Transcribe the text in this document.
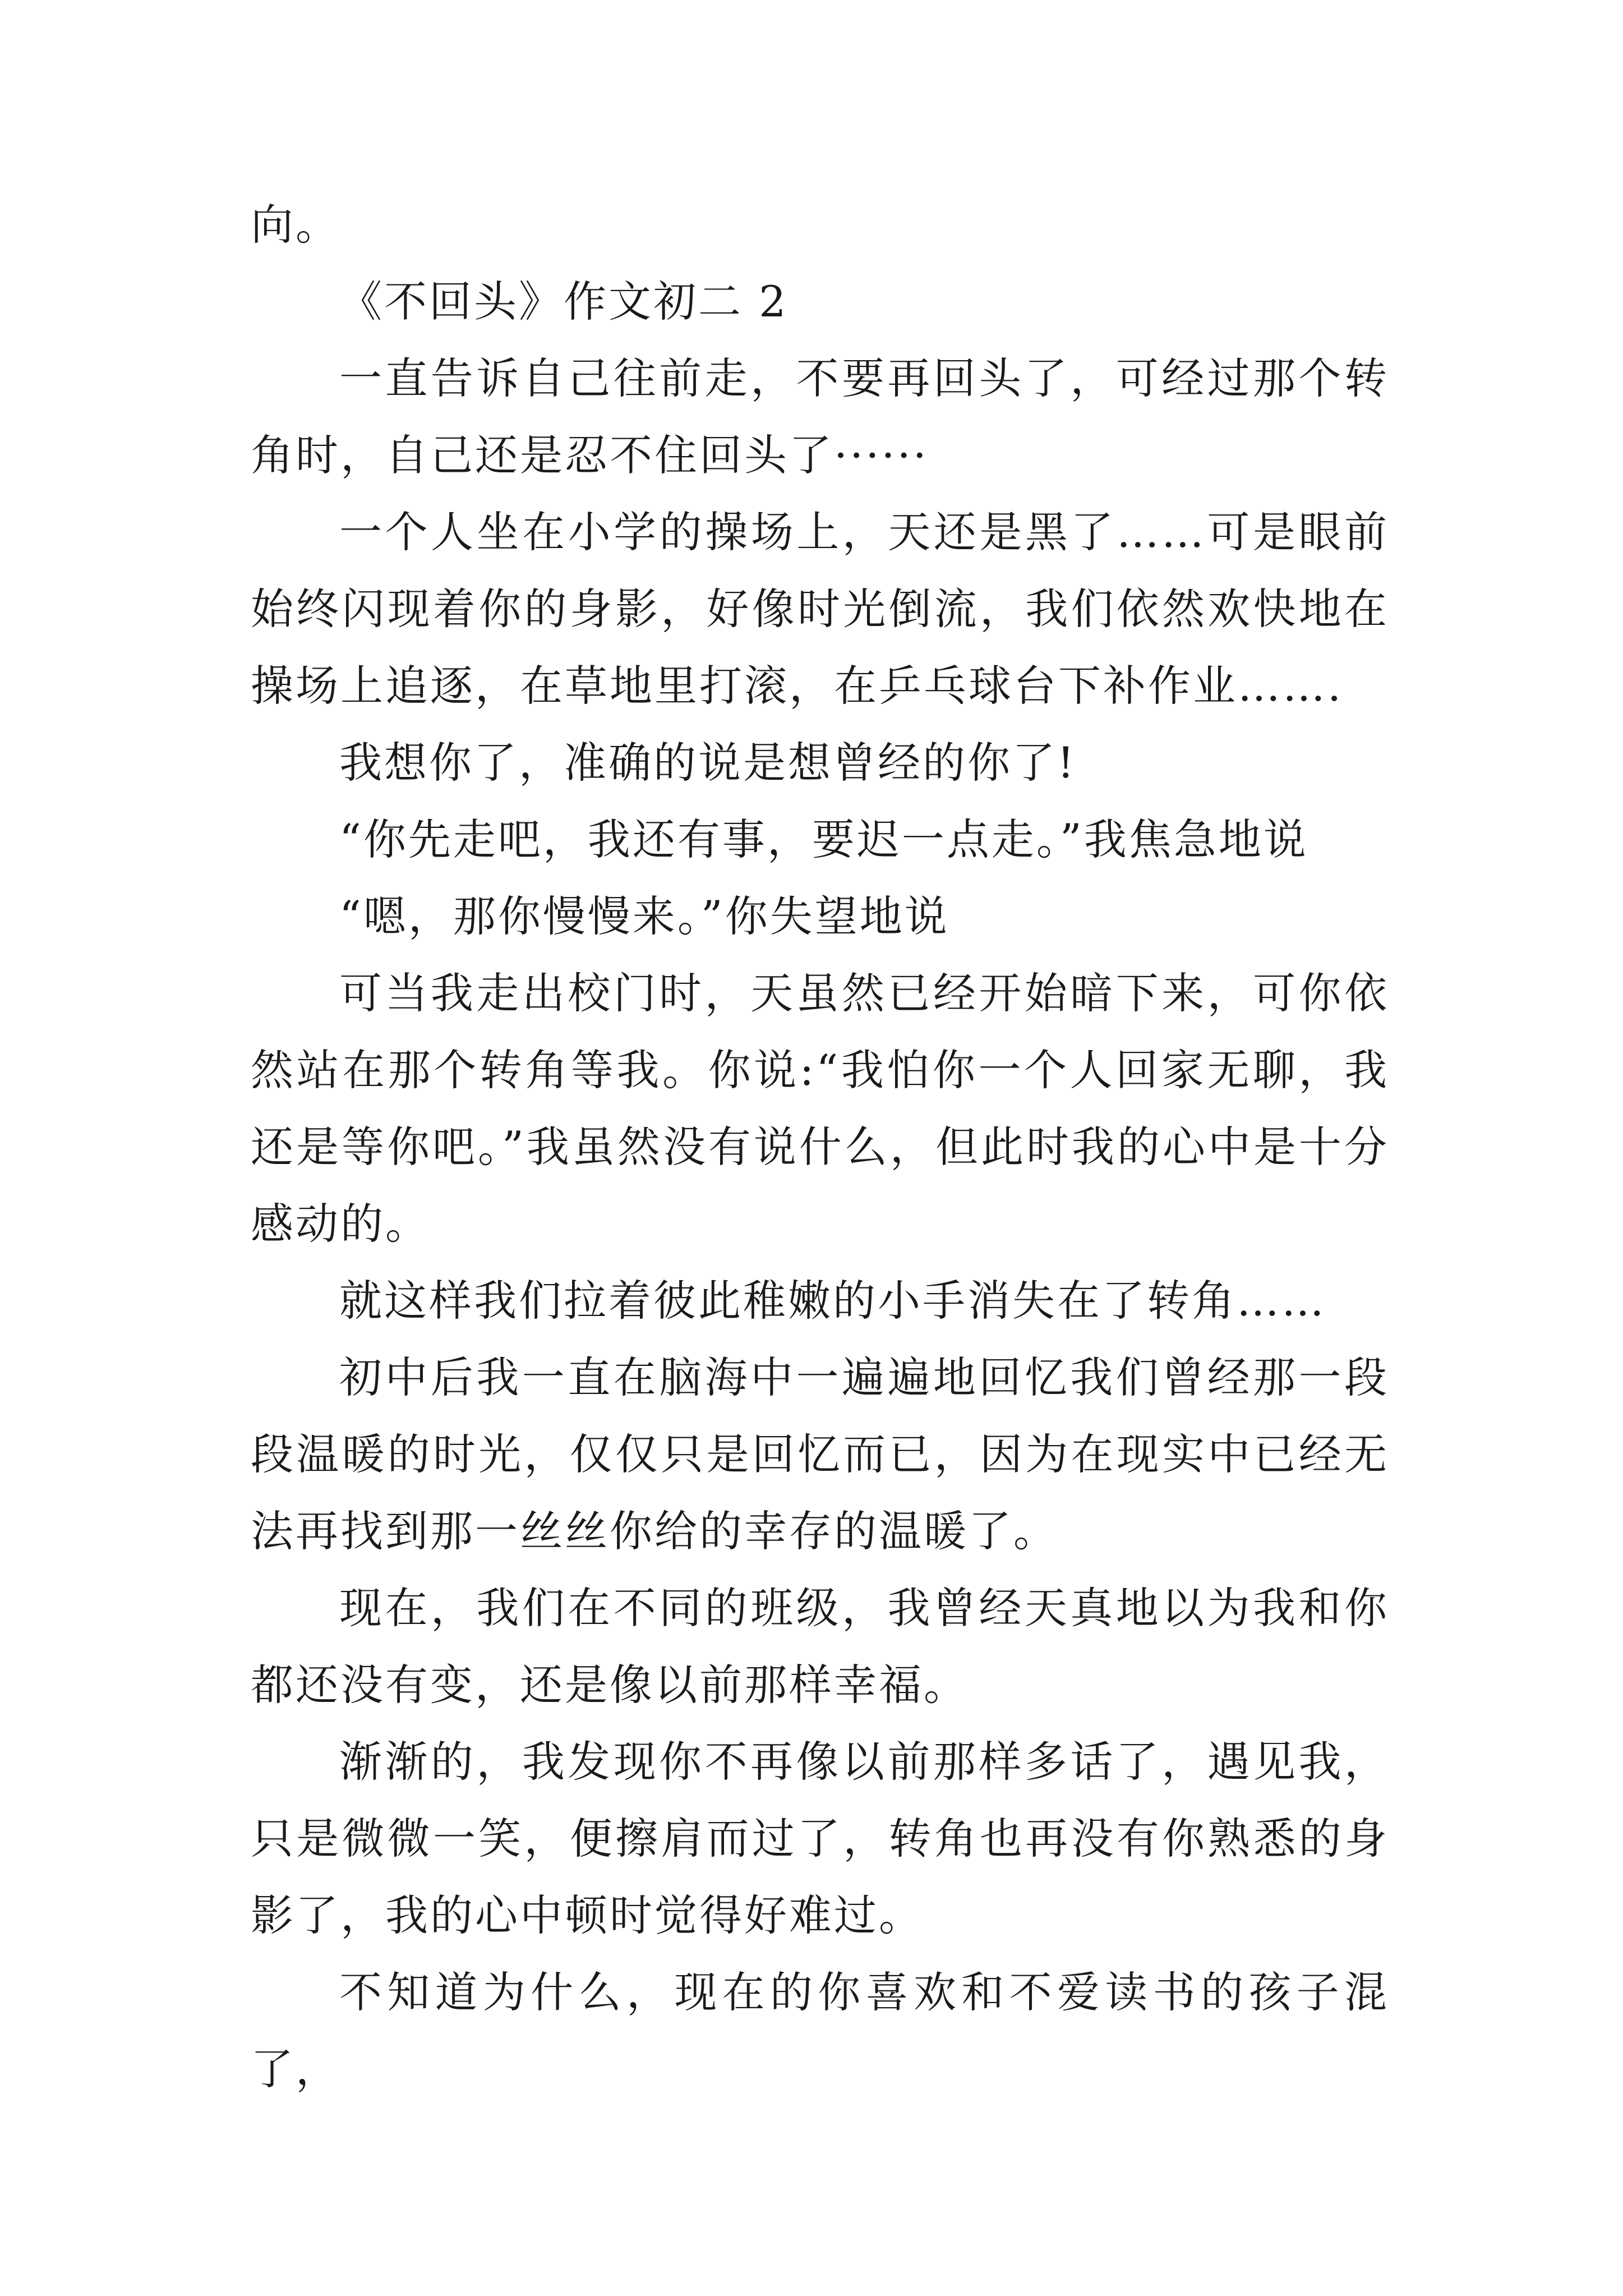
向。

《不回头》作文初二 2

一直告诉自己往前走，不要再回头了，可经过那个转角时，自己还是忍不住回头了······

一个人坐在小学的操场上，天还是黑了……可是眼前始终闪现着你的身影，好像时光倒流，我们依然欢快地在操场上追逐，在草地里打滚，在乒乓球台下补作业…….

我想你了，准确的说是想曾经的你了!

“你先走吧，我还有事，要迟一点走。”我焦急地说

“嗯，那你慢慢来。”你失望地说

可当我走出校门时，天虽然已经开始暗下来，可你依然站在那个转角等我。你说:“我怕你一个人回家无聊，我还是等你吧。”我虽然没有说什么，但此时我的心中是十分感动的。

就这样我们拉着彼此稚嫩的小手消失在了转角……

初中后我一直在脑海中一遍遍地回忆我们曾经那一段段温暖的时光，仅仅只是回忆而已，因为在现实中已经无法再找到那一丝丝你给的幸存的温暖了。

现在，我们在不同的班级，我曾经天真地以为我和你都还没有变，还是像以前那样幸福。

渐渐的，我发现你不再像以前那样多话了，遇见我，只是微微一笑，便擦肩而过了，转角也再没有你熟悉的身影了，我的心中顿时觉得好难过。

不知道为什么，现在的你喜欢和不爱读书的孩子混了，
